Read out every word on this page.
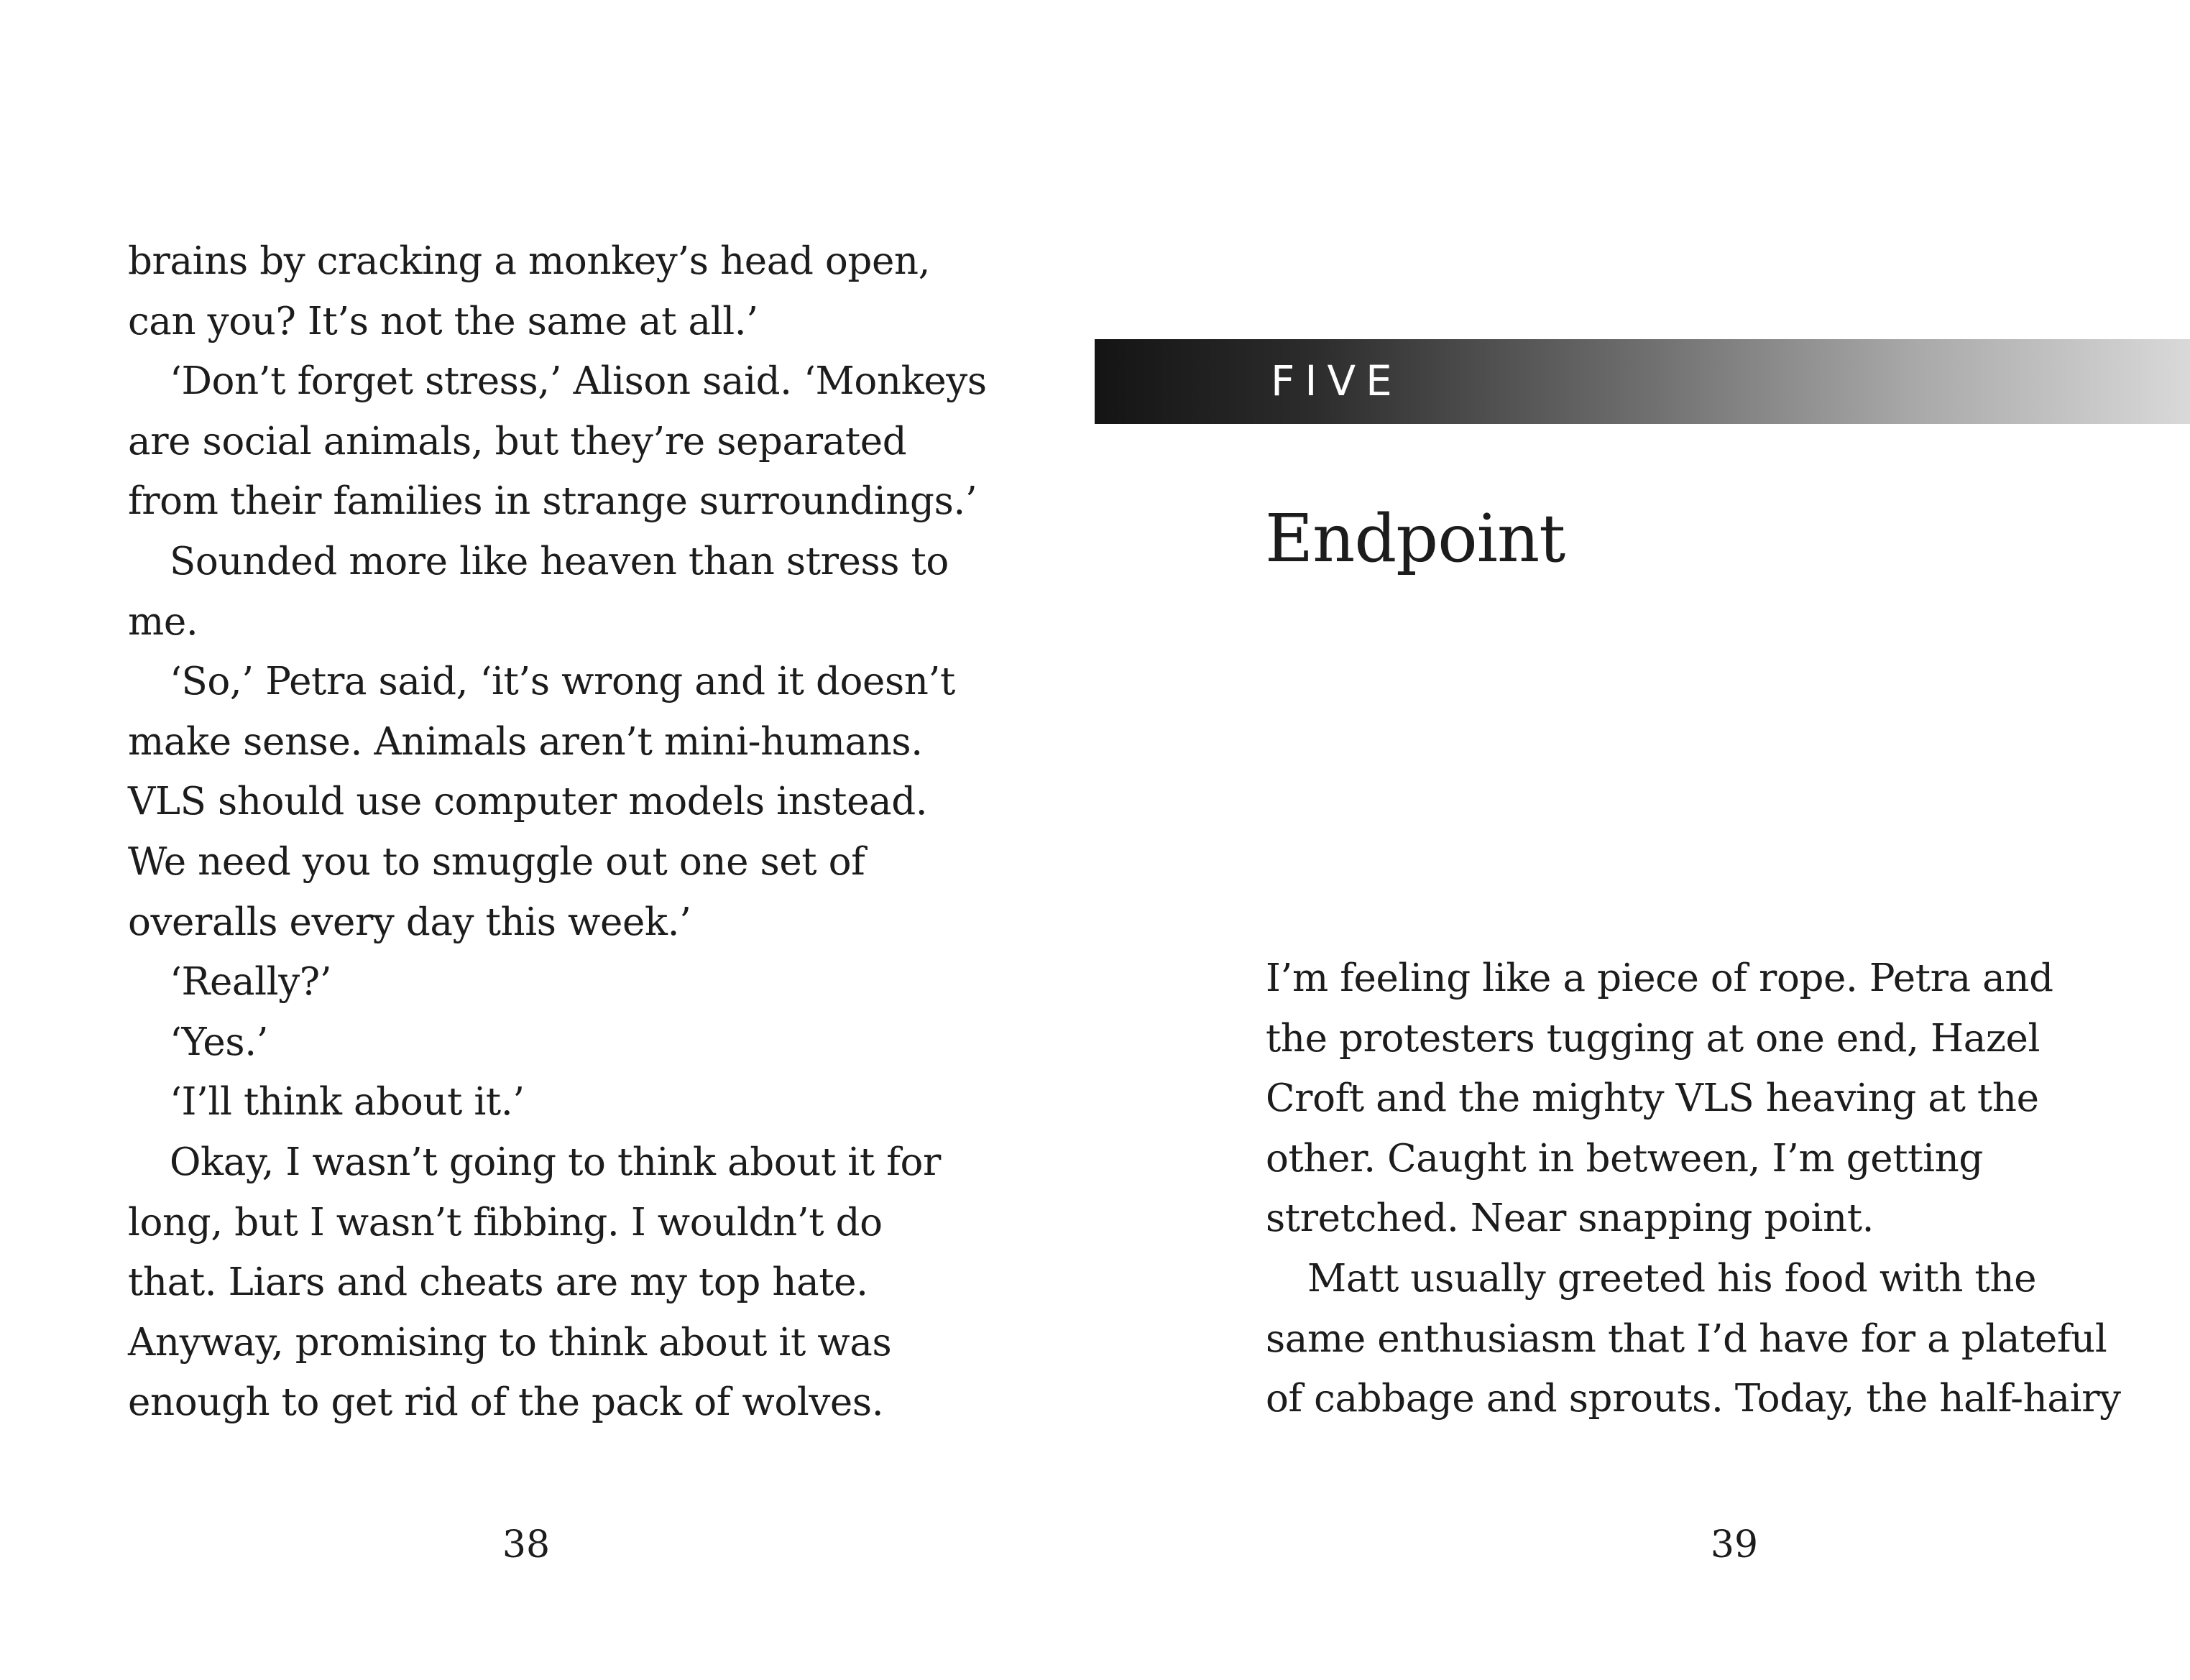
brains by cracking a monkey’s head open,
can you? It’s not the same at all.’
‘Don’t forget stress,’ Alison said. ‘Monkeys
are social animals, but they’re separated
from their families in strange surroundings.’
Sounded more like heaven than stress to
me.
‘So,’ Petra said, ‘it’s wrong and it doesn’t
make sense. Animals aren’t mini-humans.
VLS should use computer models instead.
We need you to smuggle out one set of
overalls every day this week.’
‘Really?’
‘Yes.’
‘I’ll think about it.’
Okay, I wasn’t going to think about it for
long, but I wasn’t fibbing. I wouldn’t do
that. Liars and cheats are my top hate.
Anyway, promising to think about it was
enough to get rid of the pack of wolves.
38
FIVE
Endpoint
I’m feeling like a piece of rope. Petra and
the protesters tugging at one end, Hazel
Croft and the mighty VLS heaving at the
other. Caught in between, I’m getting
stretched. Near snapping point.
Matt usually greeted his food with the
same enthusiasm that I’d have for a plateful
of cabbage and sprouts. Today, the half-hairy
39
